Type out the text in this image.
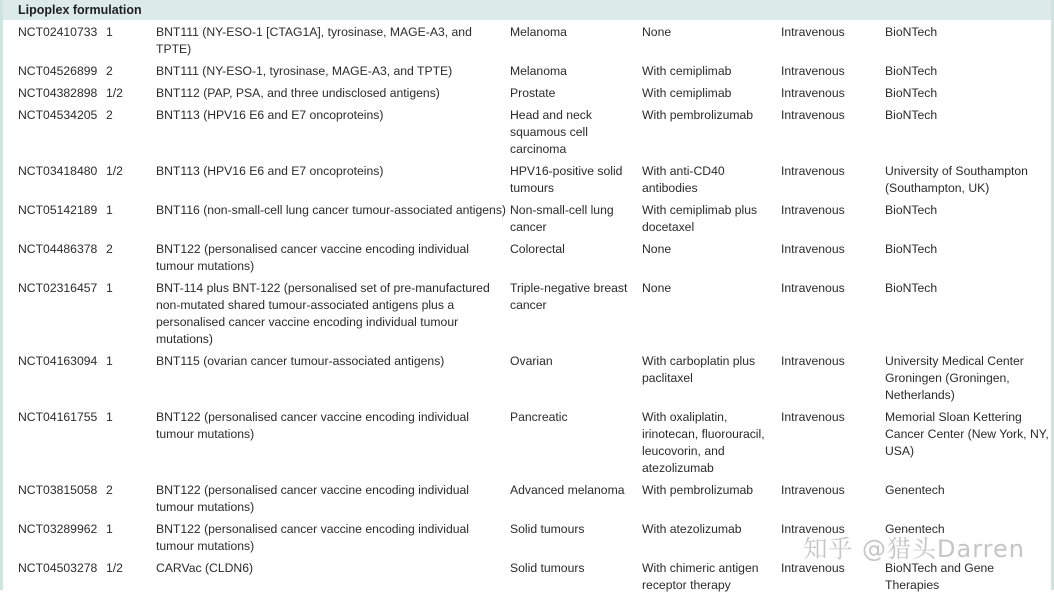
Lipoplex formulation
NCT02410733	1	BNT111 (NY-ESO-1 [CTAG1A], tyrosinase, MAGE-A3, and TPTE)	Melanoma	None	Intravenous	BioNTech
NCT04526899	2	BNT111 (NY-ESO-1, tyrosinase, MAGE-A3, and TPTE)	Melanoma	With cemiplimab	Intravenous	BioNTech
NCT04382898	1/2	BNT112 (PAP, PSA, and three undisclosed antigens)	Prostate	With cemiplimab	Intravenous	BioNTech
NCT04534205	2	BNT113 (HPV16 E6 and E7 oncoproteins)	Head and neck squamous cell carcinoma	With pembrolizumab	Intravenous	BioNTech
NCT03418480	1/2	BNT113 (HPV16 E6 and E7 oncoproteins)	HPV16-positive solid tumours	With anti-CD40 antibodies	Intravenous	University of Southampton (Southampton, UK)
NCT05142189	1	BNT116 (non-small-cell lung cancer tumour-associated antigens)	Non-small-cell lung cancer	With cemiplimab plus docetaxel	Intravenous	BioNTech
NCT04486378	2	BNT122 (personalised cancer vaccine encoding individual tumour mutations)	Colorectal	None	Intravenous	BioNTech
NCT02316457	1	BNT-114 plus BNT-122 (personalised set of pre-manufactured non-mutated shared tumour-associated antigens plus a personalised cancer vaccine encoding individual tumour mutations)	Triple-negative breast cancer	None	Intravenous	BioNTech
NCT04163094	1	BNT115 (ovarian cancer tumour-associated antigens)	Ovarian	With carboplatin plus paclitaxel	Intravenous	University Medical Center Groningen (Groningen, Netherlands)
NCT04161755	1	BNT122 (personalised cancer vaccine encoding individual tumour mutations)	Pancreatic	With oxaliplatin, irinotecan, fluorouracil, leucovorin, and atezolizumab	Intravenous	Memorial Sloan Kettering Cancer Center (New York, NY, USA)
NCT03815058	2	BNT122 (personalised cancer vaccine encoding individual tumour mutations)	Advanced melanoma	With pembrolizumab	Intravenous	Genentech
NCT03289962	1	BNT122 (personalised cancer vaccine encoding individual tumour mutations)	Solid tumours	With atezolizumab	Intravenous	Genentech
NCT04503278	1/2	CARVac (CLDN6)	Solid tumours	With chimeric antigen receptor therapy	Intravenous	BioNTech and Gene Therapies
知乎 @猎头Darren
